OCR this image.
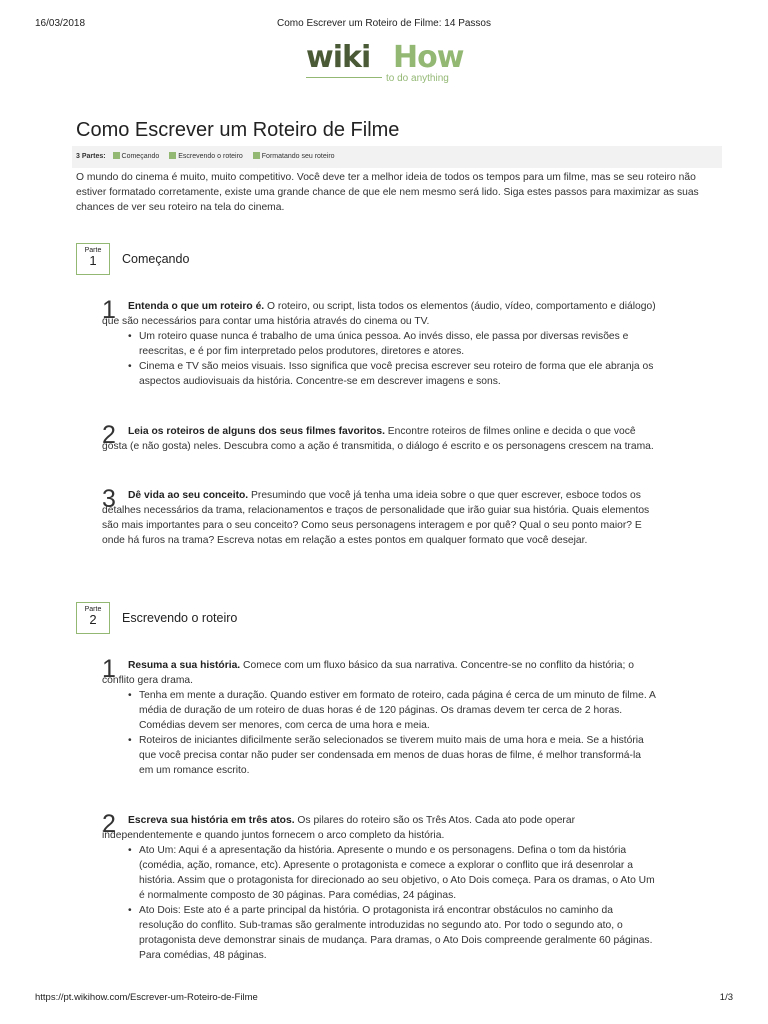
16/03/2018	Como Escrever um Roteiro de Filme: 14 Passos
wiki How
to do anything
Como Escrever um Roteiro de Filme
3 Partes: Começando	Escrevendo o roteiro	Formatando seu roteiro

O mundo do cinema é muito, muito competitivo. Você deve ter a melhor ideia de todos os tempos para um filme, mas se seu roteiro não estiver formatado corretamente, existe uma grande chance de que ele nem mesmo será lido. Siga estes passos para maximizar as suas chances de ver seu roteiro na tela do cinema.

Parte
1	Começando
1	Entenda o que um roteiro é. O roteiro, ou script, lista todos os elementos (áudio, vídeo, comportamento e diálogo) que são necessários para contar uma história através do cinema ou TV.

• Um roteiro quase nunca é trabalho de uma única pessoa. Ao invés disso, ele passa por diversas revisões e reescritas, e é por fim interpretado pelos produtores, diretores e atores.
• Cinema e TV são meios visuais. Isso significa que você precisa escrever seu roteiro de forma que ele abranja os aspectos audiovisuais da história. Concentre-se em descrever imagens e sons.
2	Leia os roteiros de alguns dos seus filmes favoritos. Encontre roteiros de filmes online e decida o que você gosta (e não gosta) neles. Descubra como a ação é transmitida, o diálogo é escrito e os personagens crescem na trama.

3	Dê vida ao seu conceito. Presumindo que você já tenha uma ideia sobre o que quer escrever, esboce todos os detalhes necessários da trama, relacionamentos e traços de personalidade que irão guiar sua história. Quais elementos são mais importantes para o seu conceito? Como seus personagens interagem e por quê? Qual o seu ponto maior? E onde há furos na trama? Escreva notas em relação a estes pontos em qualquer formato que você desejar.

Parte
2	Escrevendo o roteiro
1	Resuma a sua história. Comece com um fluxo básico da sua narrativa. Concentre-se no conflito da história; o conflito gera drama.

• Tenha em mente a duração. Quando estiver em formato de roteiro, cada página é cerca de um minuto de filme. A média de duração de um roteiro de duas horas é de 120 páginas. Os dramas devem ter cerca de 2 horas. Comédias devem ser menores, com cerca de uma hora e meia.
• Roteiros de iniciantes dificilmente serão selecionados se tiverem muito mais de uma hora e meia. Se a história que você precisa contar não puder ser condensada em menos de duas horas de filme, é melhor transformá-la em um romance escrito.
2	Escreva sua história em três atos. Os pilares do roteiro são os Três Atos. Cada ato pode operar independentemente e quando juntos fornecem o arco completo da história.

• Ato Um: Aqui é a apresentação da história. Apresente o mundo e os personagens. Defina o tom da história (comédia, ação, romance, etc). Apresente o protagonista e comece a explorar o conflito que irá desenrolar a história. Assim que o protagonista for direcionado ao seu objetivo, o Ato Dois começa. Para os dramas, o Ato Um é normalmente composto de 30 páginas. Para comédias, 24 páginas.
• Ato Dois: Este ato é a parte principal da história. O protagonista irá encontrar obstáculos no caminho da resolução do conflito. Sub-tramas são geralmente introduzidas no segundo ato. Por todo o segundo ato, o protagonista deve demonstrar sinais de mudança. Para dramas, o Ato Dois compreende geralmente 60 páginas. Para comédias, 48 páginas.
https://pt.wikihow.com/Escrever-um-Roteiro-de-Filme	1/3
